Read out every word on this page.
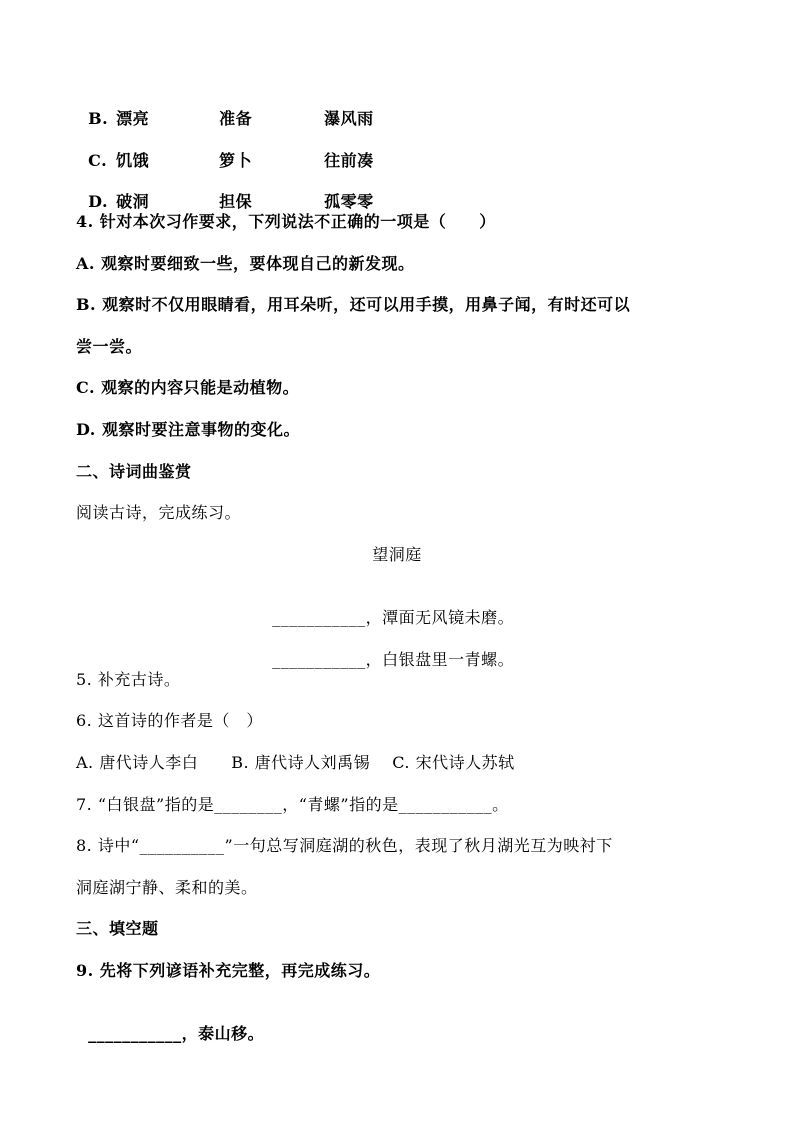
B. 漂亮	准备	瀑风雨

C. 饥饿	箩卜	往前凑

D. 破洞	担保	孤零零

4. 针对本次习作要求，下列说法不正确的一项是（　　）
A. 观察时要细致一些，要体现自己的新发现。
B. 观察时不仅用眼睛看，用耳朵听，还可以用手摸，用鼻子闻，有时还可以
尝一尝。
C. 观察的内容只能是动植物。
D. 观察时要注意事物的变化。
二、诗词曲鉴赏
阅读古诗，完成练习。
望洞庭

___________，潭面无风镜未磨。

___________，白银盘里一青螺。

5. 补充古诗。
6. 这首诗的作者是（　）
A. 唐代诗人李白　　B. 唐代诗人刘禹锡　 C. 宋代诗人苏轼
7. “白银盘”指的是________，“青螺”指的是___________。
8. 诗中“__________”一句总写洞庭湖的秋色，表现了秋月湖光互为映衬下
洞庭湖宁静、柔和的美。
三、填空题
9. 先将下列谚语补充完整，再完成练习。

___________，泰山移。
